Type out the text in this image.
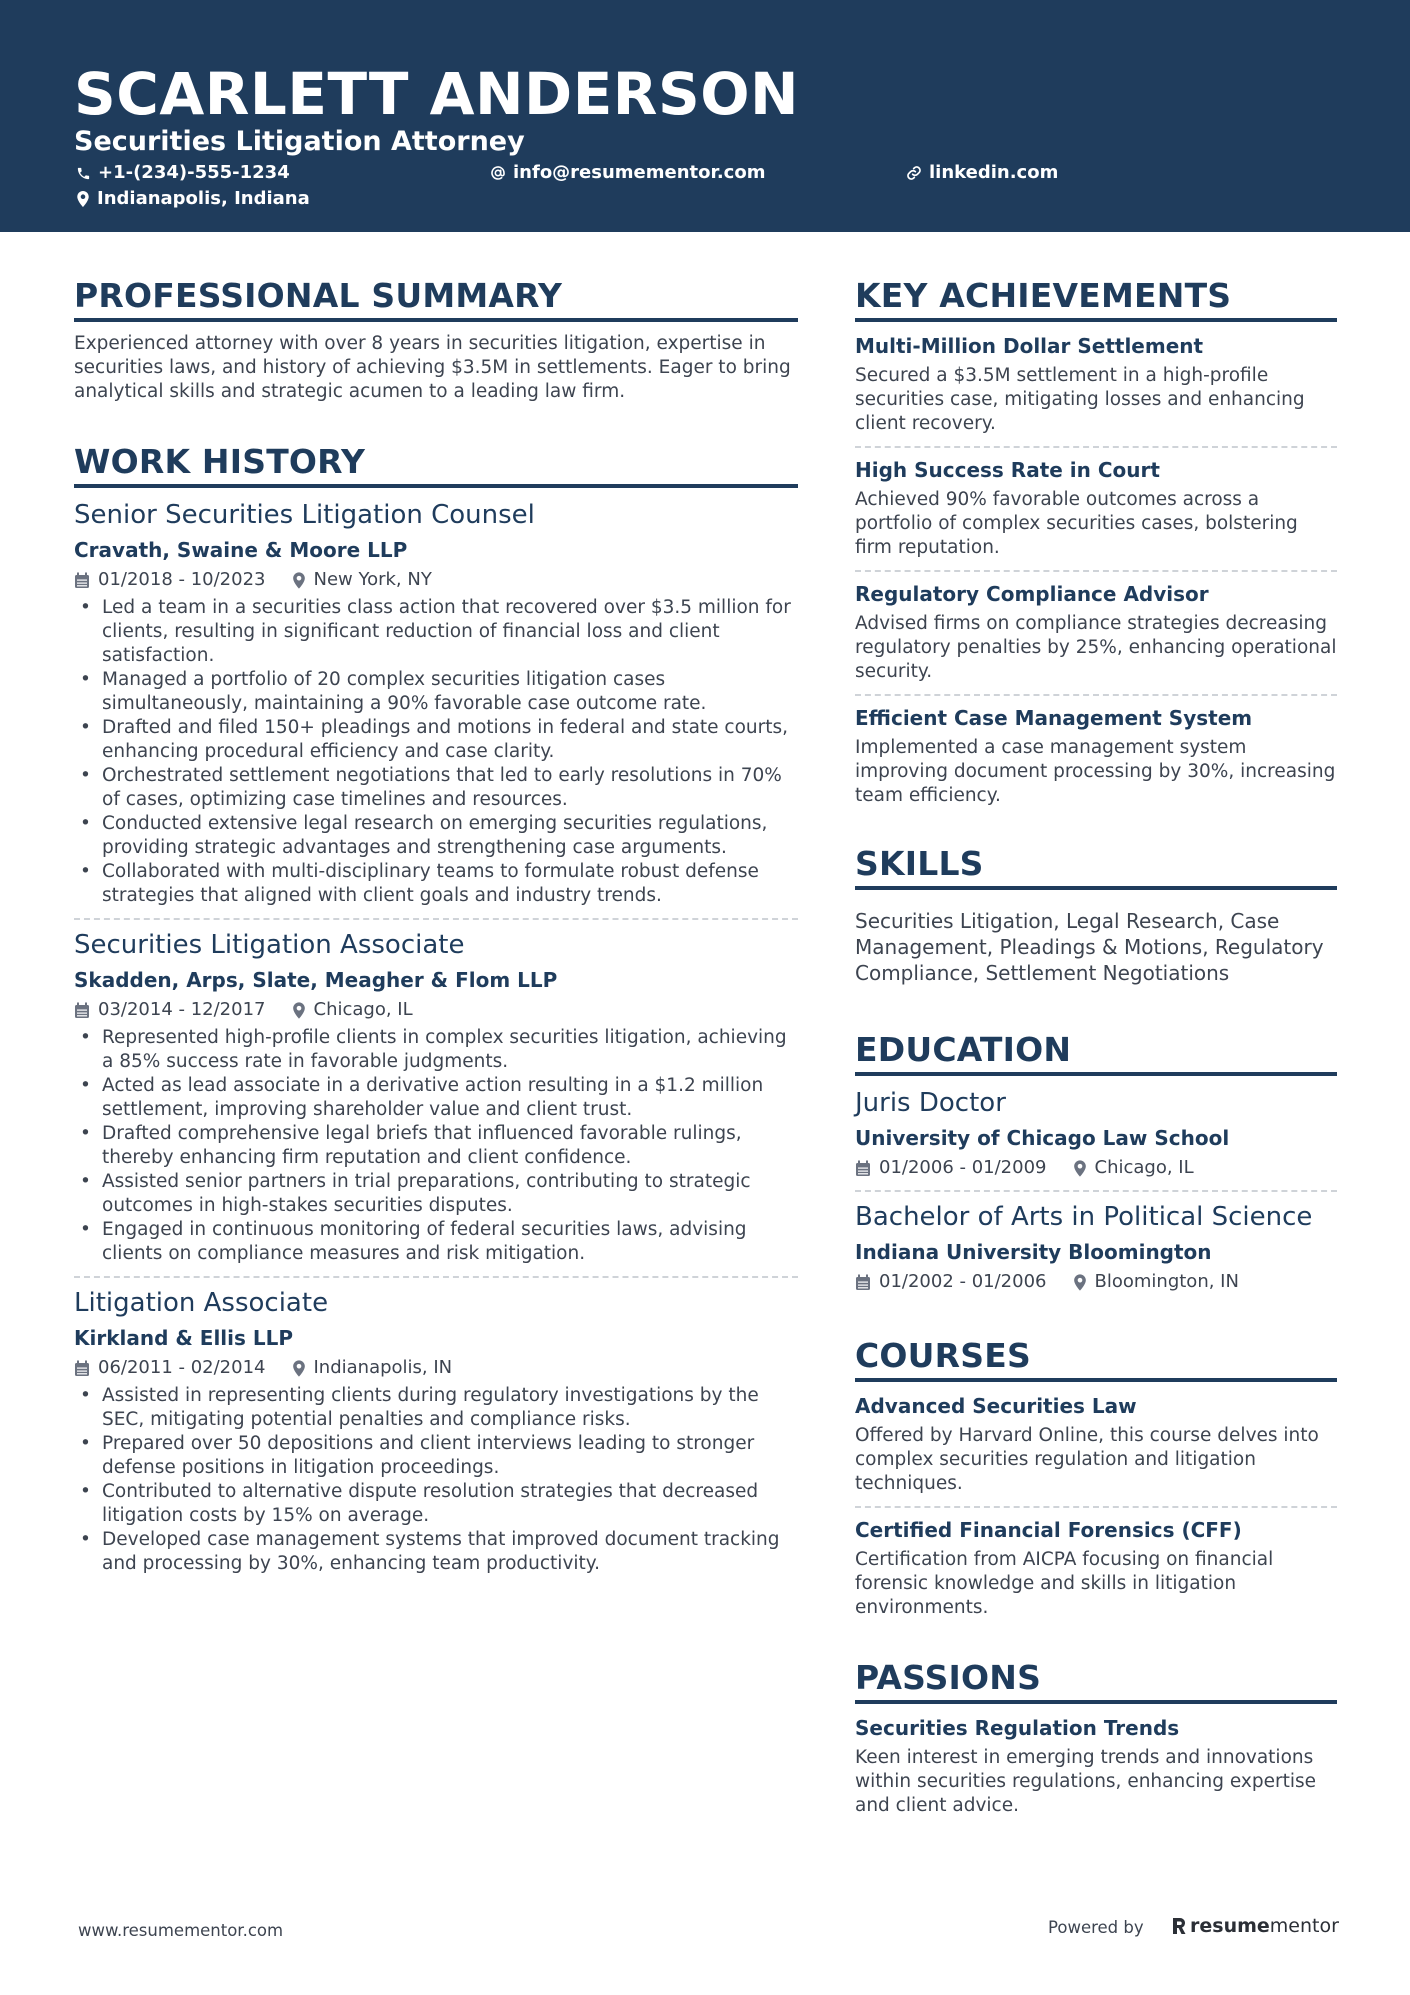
SCARLETT ANDERSON
Securities Litigation Attorney
+1-(234)-555-1234	info@resumementor.com	linkedin.com
Indianapolis, Indiana
PROFESSIONAL SUMMARY
Experienced attorney with over 8 years in securities litigation, expertise in securities laws, and history of achieving $3.5M in settlements. Eager to bring analytical skills and strategic acumen to a leading law firm.
WORK HISTORY
Senior Securities Litigation Counsel
Cravath, Swaine & Moore LLP
01/2018 - 10/2023	New York, NY
• Led a team in a securities class action that recovered over $3.5 million for clients, resulting in significant reduction of financial loss and client satisfaction.
• Managed a portfolio of 20 complex securities litigation cases simultaneously, maintaining a 90% favorable case outcome rate.
• Drafted and filed 150+ pleadings and motions in federal and state courts, enhancing procedural efficiency and case clarity.
• Orchestrated settlement negotiations that led to early resolutions in 70% of cases, optimizing case timelines and resources.
• Conducted extensive legal research on emerging securities regulations, providing strategic advantages and strengthening case arguments.
• Collaborated with multi-disciplinary teams to formulate robust defense strategies that aligned with client goals and industry trends.
Securities Litigation Associate
Skadden, Arps, Slate, Meagher & Flom LLP
03/2014 - 12/2017	Chicago, IL
• Represented high-profile clients in complex securities litigation, achieving a 85% success rate in favorable judgments.
• Acted as lead associate in a derivative action resulting in a $1.2 million settlement, improving shareholder value and client trust.
• Drafted comprehensive legal briefs that influenced favorable rulings, thereby enhancing firm reputation and client confidence.
• Assisted senior partners in trial preparations, contributing to strategic outcomes in high-stakes securities disputes.
• Engaged in continuous monitoring of federal securities laws, advising clients on compliance measures and risk mitigation.
Litigation Associate
Kirkland & Ellis LLP
06/2011 - 02/2014	Indianapolis, IN
• Assisted in representing clients during regulatory investigations by the SEC, mitigating potential penalties and compliance risks.
• Prepared over 50 depositions and client interviews leading to stronger defense positions in litigation proceedings.
• Contributed to alternative dispute resolution strategies that decreased litigation costs by 15% on average.
• Developed case management systems that improved document tracking and processing by 30%, enhancing team productivity.
KEY ACHIEVEMENTS
Multi-Million Dollar Settlement
Secured a $3.5M settlement in a high-profile securities case, mitigating losses and enhancing client recovery.
High Success Rate in Court
Achieved 90% favorable outcomes across a portfolio of complex securities cases, bolstering firm reputation.
Regulatory Compliance Advisor
Advised firms on compliance strategies decreasing regulatory penalties by 25%, enhancing operational security.
Efficient Case Management System
Implemented a case management system improving document processing by 30%, increasing team efficiency.
SKILLS
Securities Litigation, Legal Research, Case Management, Pleadings & Motions, Regulatory Compliance, Settlement Negotiations
EDUCATION
Juris Doctor
University of Chicago Law School
01/2006 - 01/2009	Chicago, IL
Bachelor of Arts in Political Science
Indiana University Bloomington
01/2002 - 01/2006	Bloomington, IN
COURSES
Advanced Securities Law
Offered by Harvard Online, this course delves into complex securities regulation and litigation techniques.
Certified Financial Forensics (CFF)
Certification from AICPA focusing on financial forensic knowledge and skills in litigation environments.
PASSIONS
Securities Regulation Trends
Keen interest in emerging trends and innovations within securities regulations, enhancing expertise and client advice.
www.resumementor.com	Powered by resume mentor
